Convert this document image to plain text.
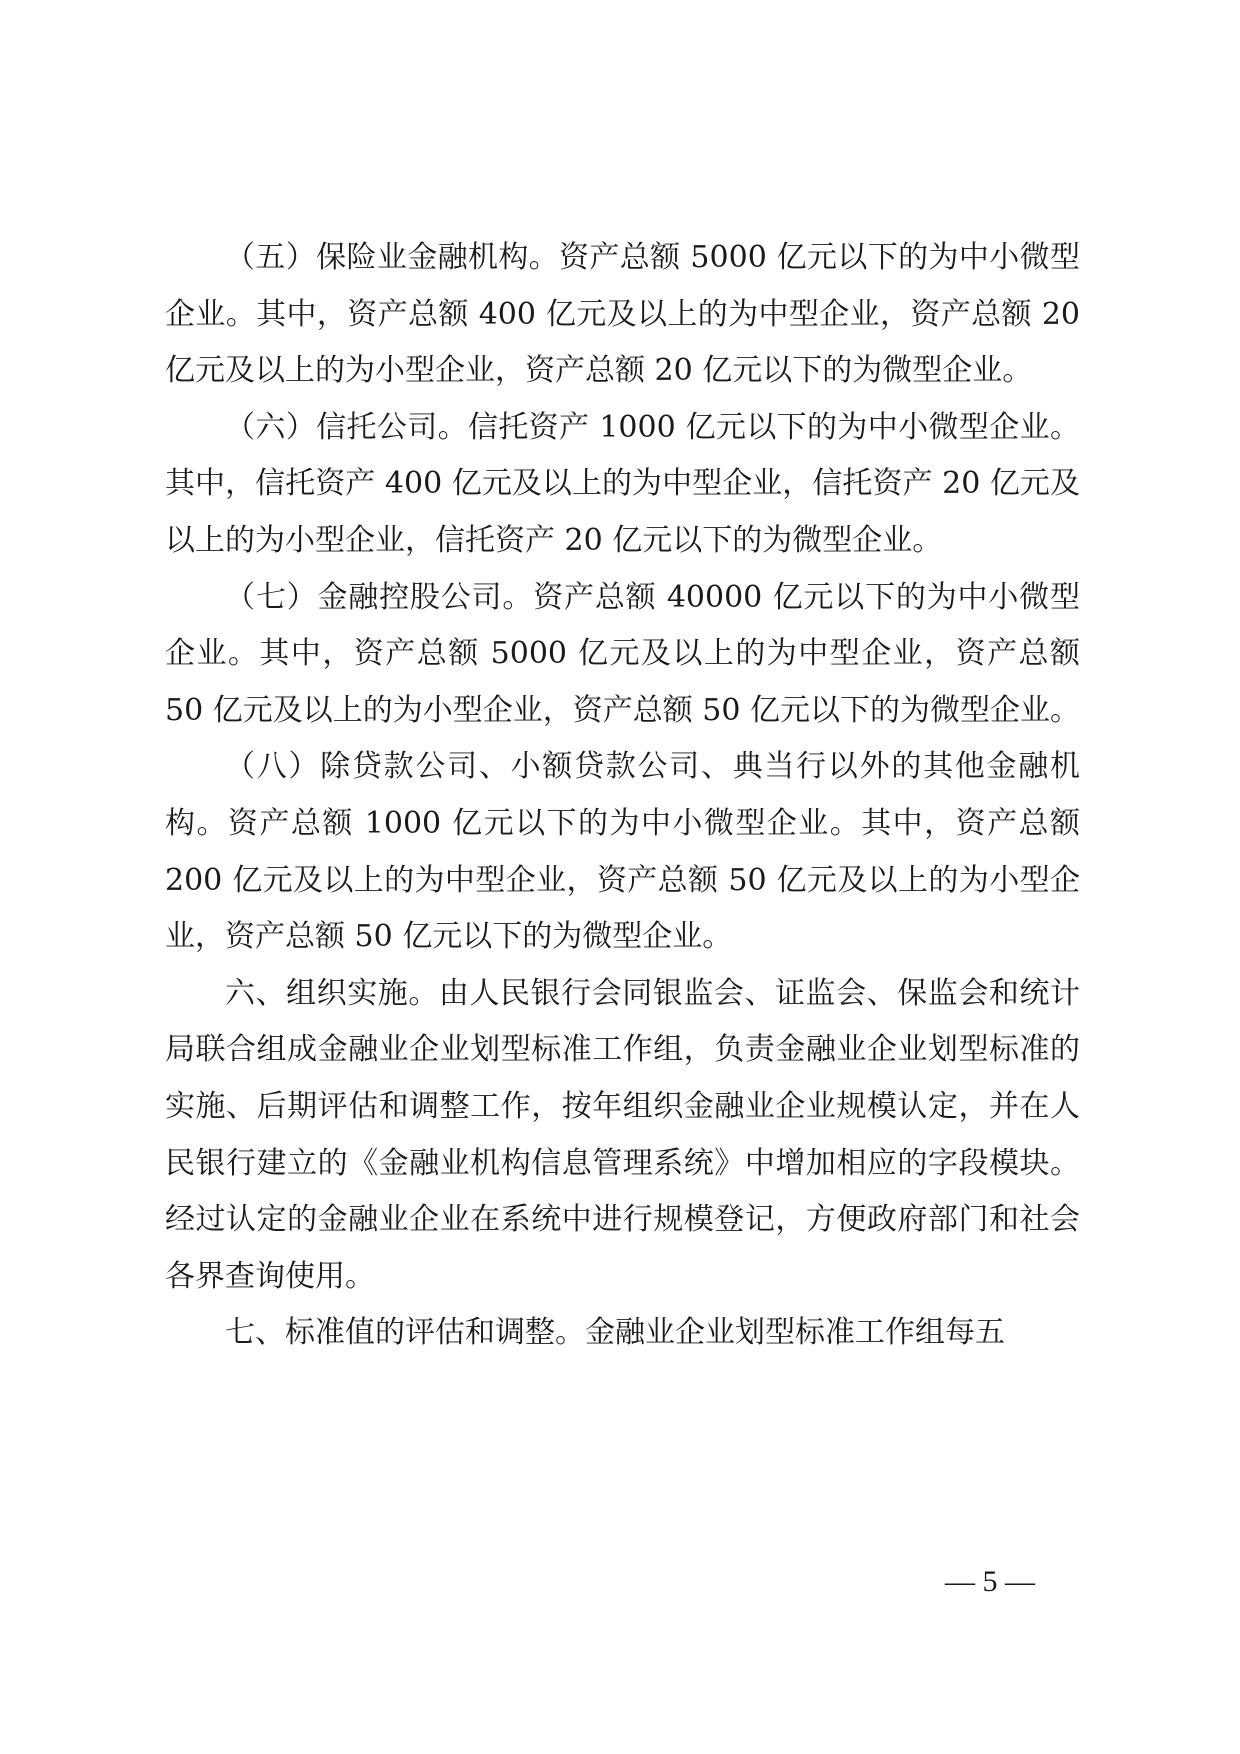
（五）保险业金融机构。资产总额 5000 亿元以下的为中小微型企业。其中，资产总额 400 亿元及以上的为中型企业，资产总额 20 亿元及以上的为小型企业，资产总额 20 亿元以下的为微型企业。

（六）信托公司。信托资产 1000 亿元以下的为中小微型企业。其中，信托资产 400 亿元及以上的为中型企业，信托资产 20 亿元及以上的为小型企业，信托资产 20 亿元以下的为微型企业。

（七）金融控股公司。资产总额 40000 亿元以下的为中小微型企业。其中，资产总额 5000 亿元及以上的为中型企业，资产总额 50 亿元及以上的为小型企业，资产总额 50 亿元以下的为微型企业。

（八）除贷款公司、小额贷款公司、典当行以外的其他金融机构。资产总额 1000 亿元以下的为中小微型企业。其中，资产总额 200 亿元及以上的为中型企业，资产总额 50 亿元及以上的为小型企业，资产总额 50 亿元以下的为微型企业。

六、组织实施。由人民银行会同银监会、证监会、保监会和统计局联合组成金融业企业划型标准工作组，负责金融业企业划型标准的实施、后期评估和调整工作，按年组织金融业企业规模认定，并在人民银行建立的《金融业机构信息管理系统》中增加相应的字段模块。经过认定的金融业企业在系统中进行规模登记，方便政府部门和社会各界查询使用。

七、标准值的评估和调整。金融业企业划型标准工作组每五

— 5 —
